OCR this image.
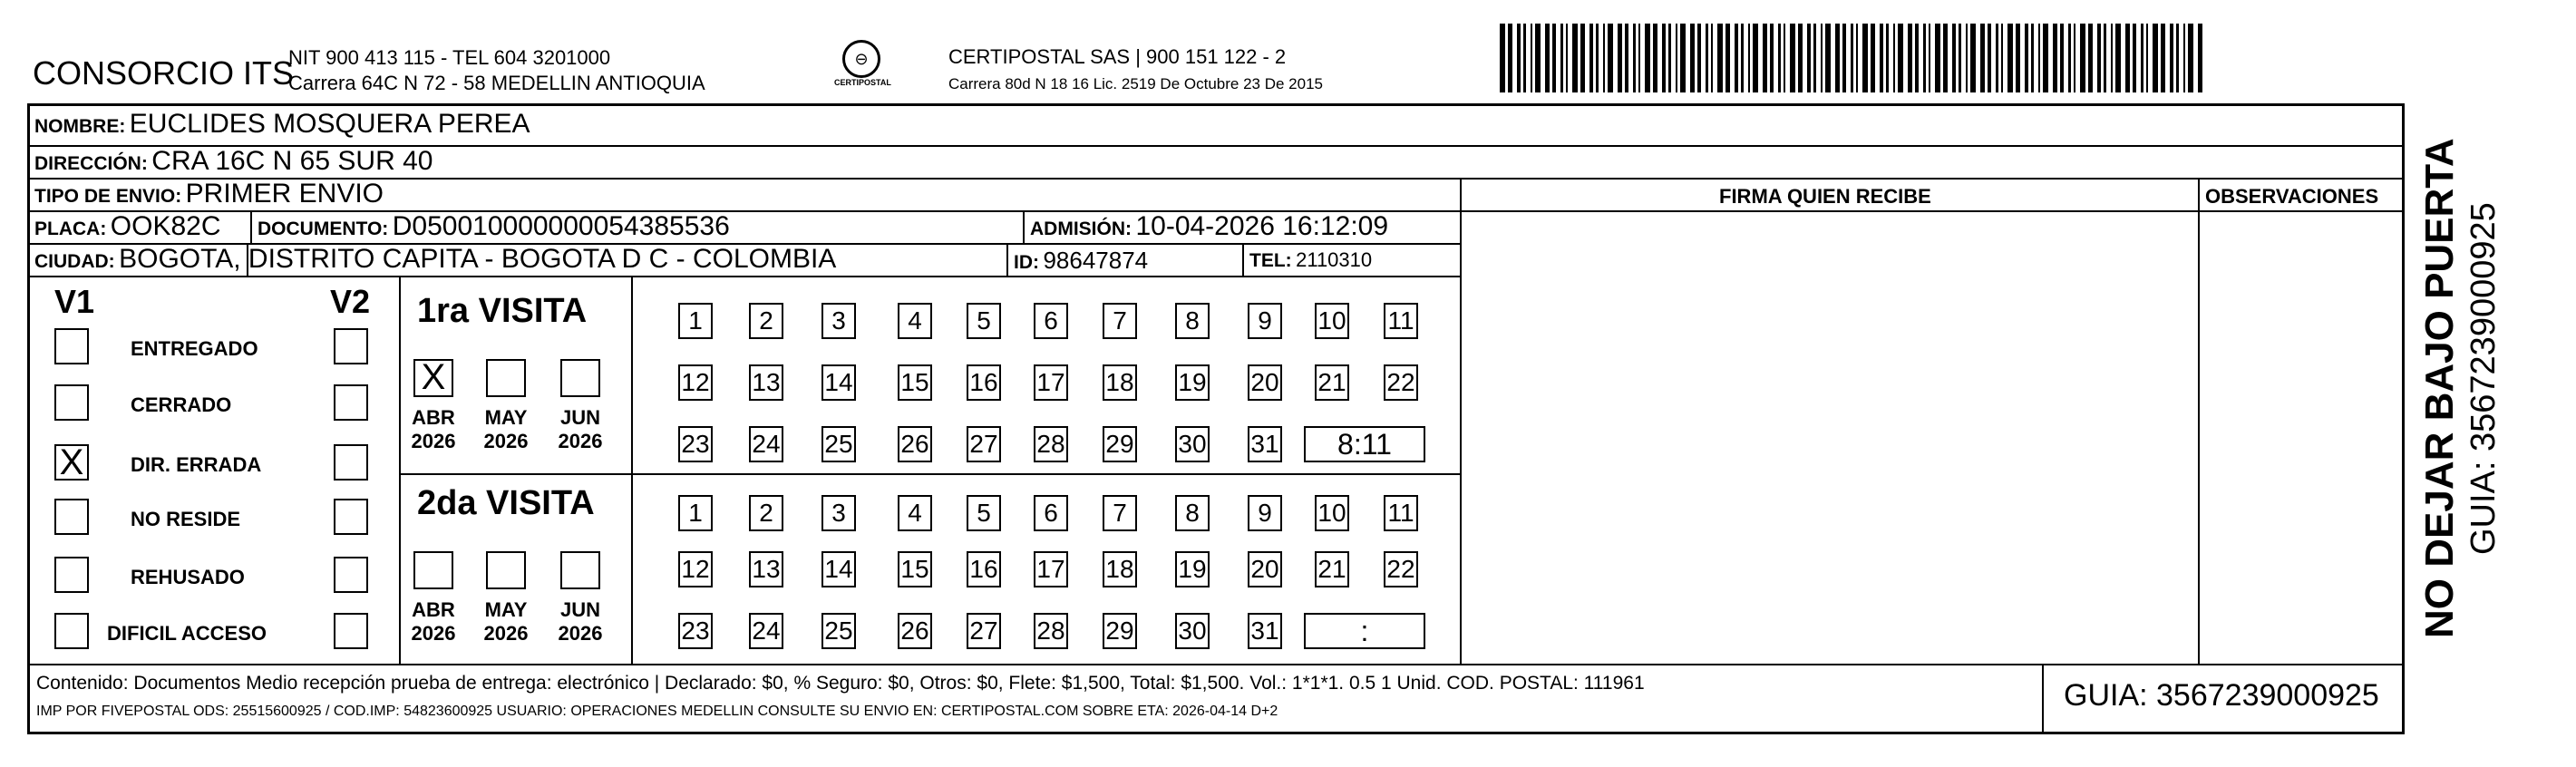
CONSORCIO ITS
NIT 900 413 115 - TEL 604 3201000
Carrera 64C N 72 - 58 MEDELLIN ANTIOQUIA
⊖
CERTIPOSTAL
CERTIPOSTAL SAS | 900 151 122 - 2
Carrera 80d N 18 16 Lic. 2519 De Octubre 23 De 2015
NOMBRE: EUCLIDES MOSQUERA PEREA
DIRECCIÓN: CRA 16C N 65 SUR 40
TIPO DE ENVIO: PRIMER ENVIO
PLACA: OOK82C DOCUMENTO: D050010000000054385536	ADMISIÓN: 10-04-2026 16:12:09
CIUDAD: BOGOTA, DISTRITO CAPITA - BOGOTA D C - COLOMBIA	ID: 98647874	TEL: 2110310
FIRMA QUIEN RECIBE	OBSERVACIONES
V1	V2
ENTREGADO
CERRADO
X DIR. ERRADA
NO RESIDE
REHUSADO
DIFICIL ACCESO
1ra VISITA
2da VISITA
X
ABR
2026
MAY
2026
JUN
2026
1	2	3	4	5	6	7	8	9	10 11
12 13 14 15 16 17 18 19 20 21 22
23 24 25 26 27 28 29 30 31	8:11
ABR
2026
MAY
2026
JUN
2026
1	2	3	4	5	6	7	8	9	10 11
12 13 14 15 16 17 18 19 20 21 22
23 24 25 26 27 28 29 30 31	:
Contenido: Documentos Medio recepción prueba de entrega: electrónico | Declarado: $0, % Seguro: $0, Otros: $0, Flete: $1,500, Total: $1,500. Vol.: 1*1*1. 0.5 1 Unid. COD. POSTAL: 111961
IMP POR FIVEPOSTAL ODS: 25515600925 / COD.IMP: 54823600925 USUARIO: OPERACIONES MEDELLIN CONSULTE SU ENVIO EN: CERTIPOSTAL.COM SOBRE ETA: 2026-04-14 D+2	GUIA: 3567239000925
NO DEJAR BAJO PUERTA GUIA: 3567239000925
